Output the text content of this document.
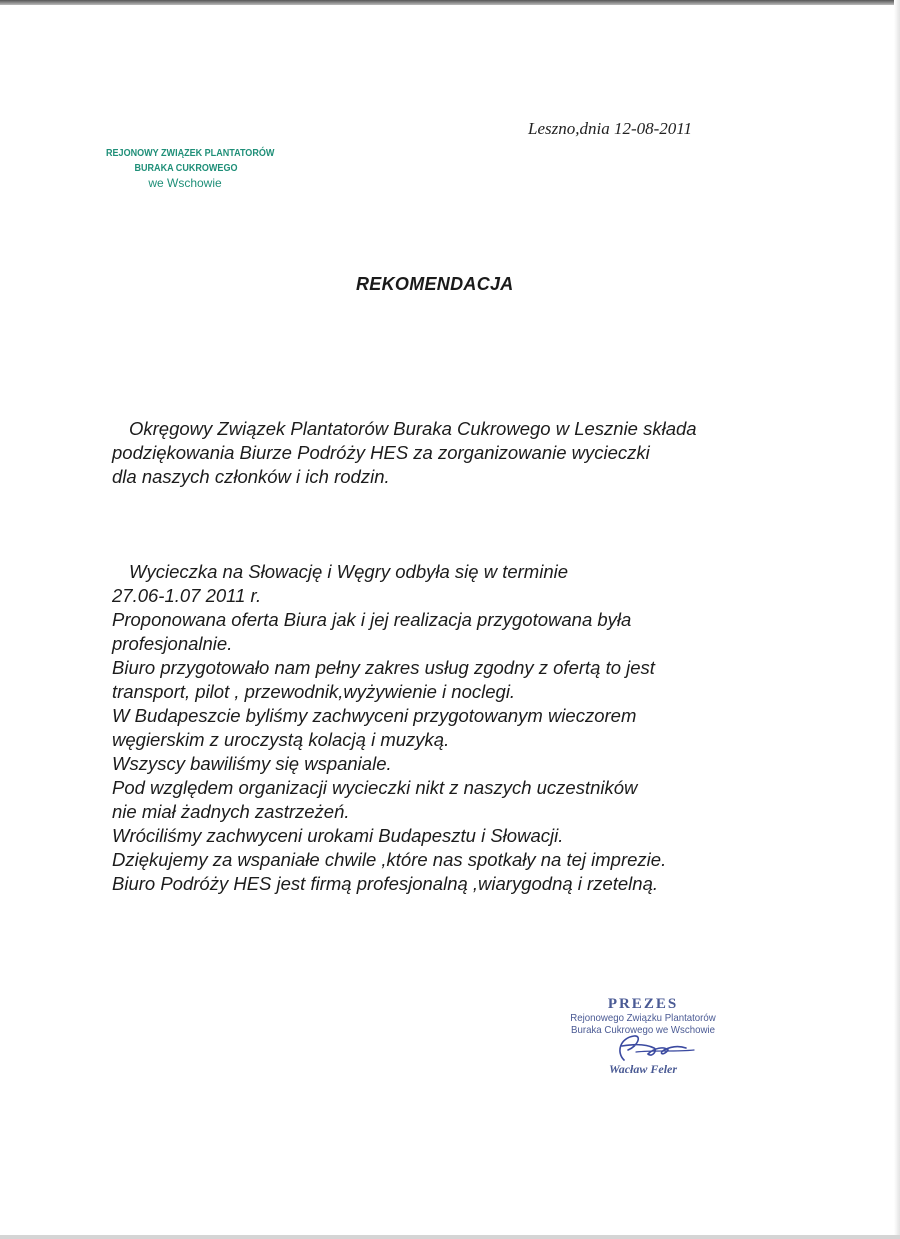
Leszno,dnia 12-08-2011
REJONOWY ZWIĄZEK PLANTATORÓW
BURAKA CUKROWEGO
we Wschowie
REKOMENDACJA
Okręgowy Związek Plantatorów Buraka Cukrowego w Lesznie składa
podziękowania Biurze Podróży HES za zorganizowanie wycieczki
dla naszych członków i ich rodzin.
Wycieczka na Słowację i Węgry odbyła się w terminie
27.06-1.07 2011 r.
Proponowana oferta Biura jak i jej realizacja przygotowana była
profesjonalnie.
Biuro przygotowało nam pełny zakres usług zgodny z ofertą to jest
transport, pilot , przewodnik,wyżywienie i noclegi.
W Budapeszcie byliśmy zachwyceni przygotowanym wieczorem
węgierskim z uroczystą kolacją i muzyką.
Wszyscy bawiliśmy się wspaniale.
Pod względem organizacji wycieczki nikt z naszych uczestników
nie miał żadnych zastrzeżeń.
Wróciliśmy zachwyceni urokami Budapesztu i Słowacji.
Dziękujemy za wspaniałe chwile ,które nas spotkały na tej imprezie.
Biuro Podróży HES jest firmą profesjonalną ,wiarygodną i rzetelną.
PREZES
Rejonowego Związku Plantatorów
Buraka Cukrowego we Wschowie
Wacław Feler
